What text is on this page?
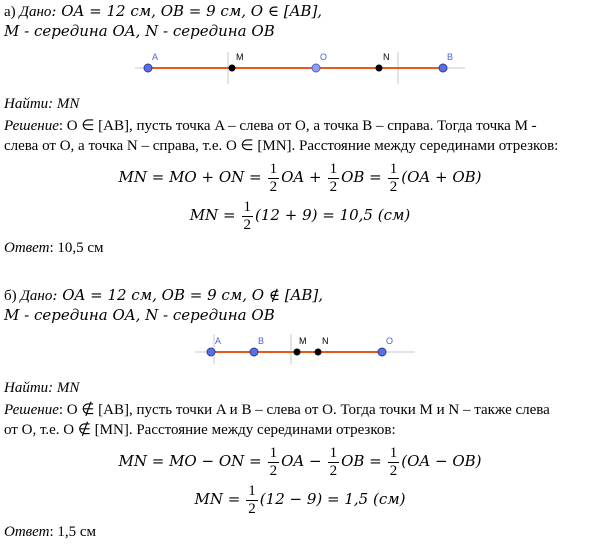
а) Дано: OA = 12 см, OB = 9 см, O ∈ [AB],
M - середина OA, N - середина OB
A	M	O	N	B
Найти: MN
Решение: O ∈ [AB], пусть точка A – слева от O, а точка B – справа. Тогда точка M -
слева от O, а точка N – справа, т.е. O ∈ [MN]. Расстояние между серединами отрезков:
MN = MO + ON = $\frac{1}{2}$ OA + $\frac{1}{2}$ OB = $\frac{1}{2} (OA + OB)$
MN = $\frac{1}{2} (12 + 9) = 10,5$ (см)
Ответ: 10,5 см
б) Дано: OA = 12 см, OB = 9 см, O ∉ [AB],
M - середина OA, N - середина OB
A	B	M N	O
Найти: MN
Решение: O ∉ [AB], пусть точки A и B – слева от O. Тогда точки M и N – также слева
от O, т.е. O ∉ [MN]. Расстояние между серединами отрезков:
MN = MO − ON = $\frac{1}{2}$ OA − $\frac{1}{2}$ OB = $\frac{1}{2} (OA - OB)$
MN = $\frac{1}{2} (12 - 9) = 1,5$ (см)
Ответ: 1,5 см
